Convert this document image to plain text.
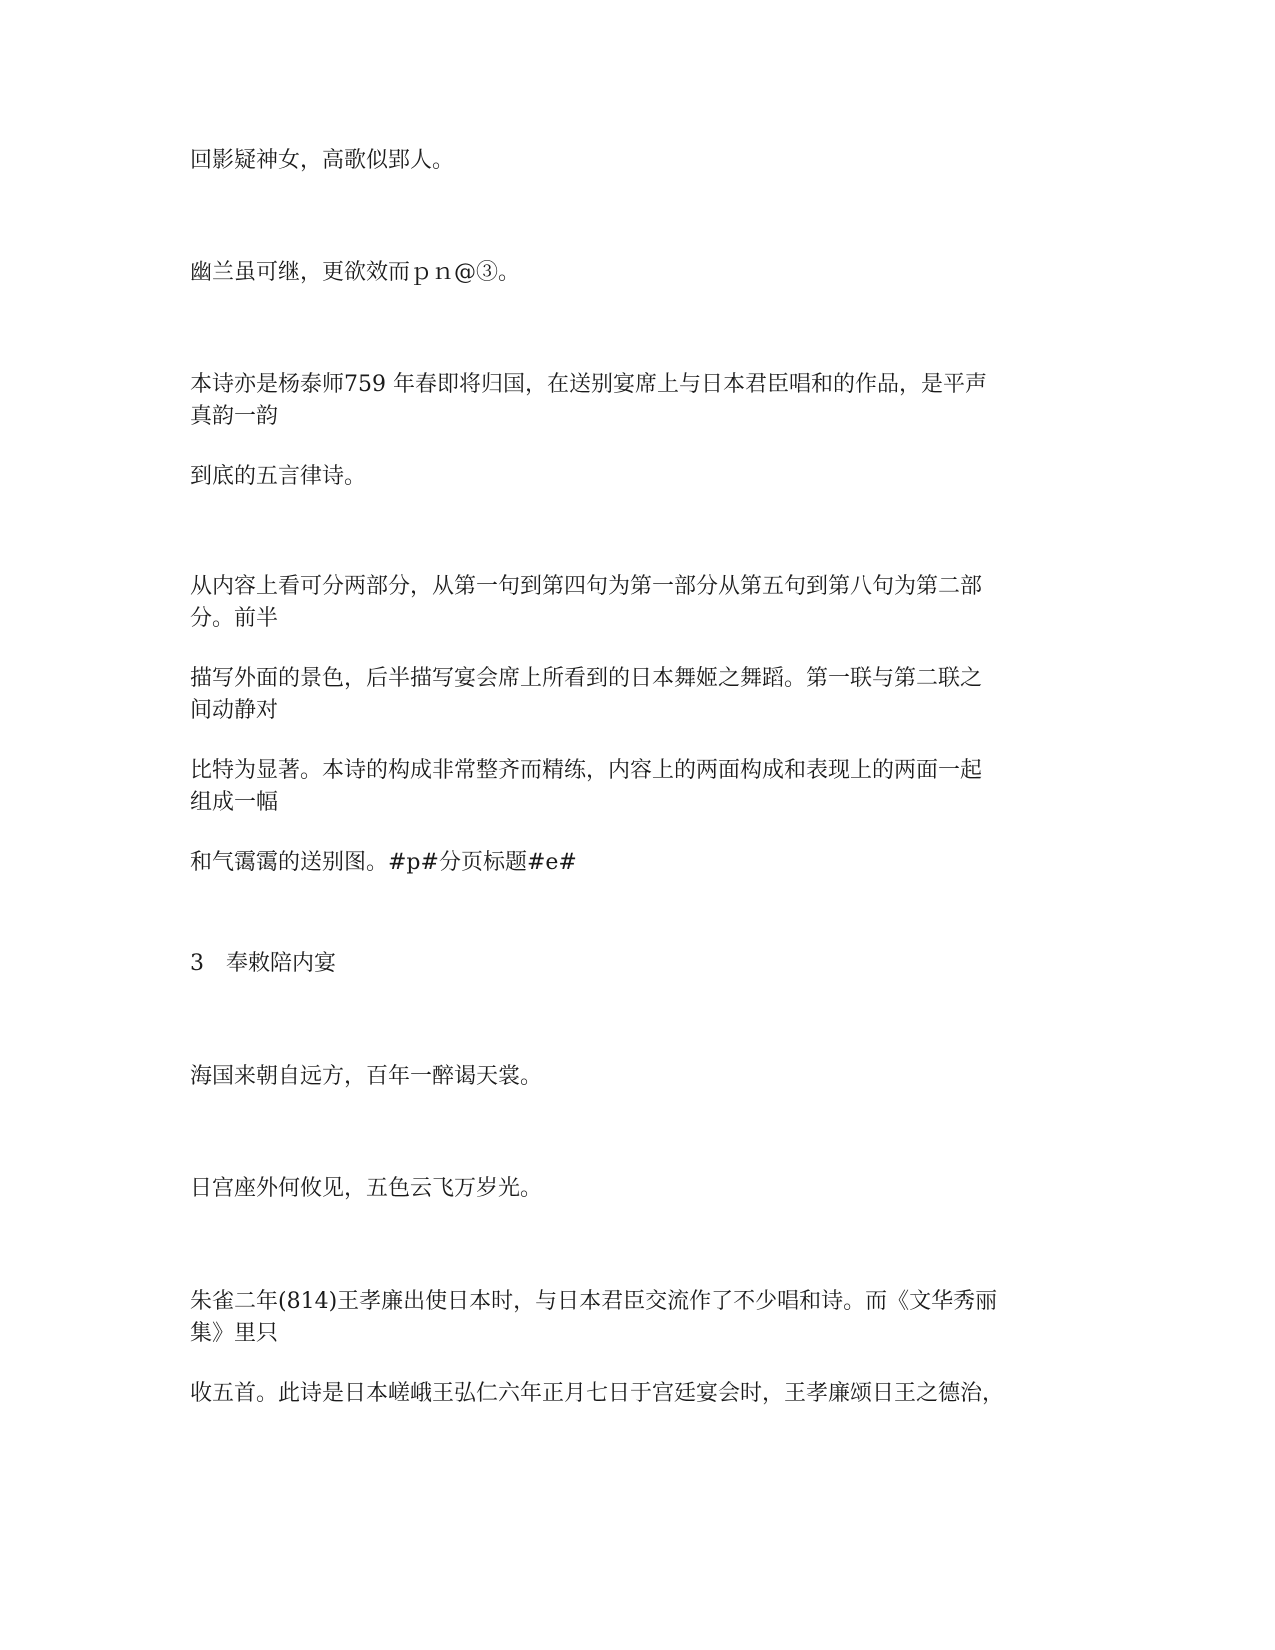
回影疑神女，高歌似郢人。
幽兰虽可继，更欲效而ｐｎ@③。
本诗亦是杨泰师759 年春即将归国，在送别宴席上与日本君臣唱和的作品，是平声
真韵一韵
到底的五言律诗。
从内容上看可分两部分，从第一句到第四句为第一部分从第五句到第八句为第二部
分。前半
描写外面的景色，后半描写宴会席上所看到的日本舞姬之舞蹈。第一联与第二联之
间动静对
比特为显著。本诗的构成非常整齐而精练，内容上的两面构成和表现上的两面一起
组成一幅
和气霭霭的送别图。#p#分页标题#e#
3 奉敕陪内宴
海国来朝自远方，百年一醉谒天裳。
日宫座外何攸见，五色云飞万岁光。
朱雀二年(814)王孝廉出使日本时，与日本君臣交流作了不少唱和诗。而《文华秀丽
集》里只
收五首。此诗是日本嵯峨王弘仁六年正月七日于宫廷宴会时，王孝廉颂日王之德治，
